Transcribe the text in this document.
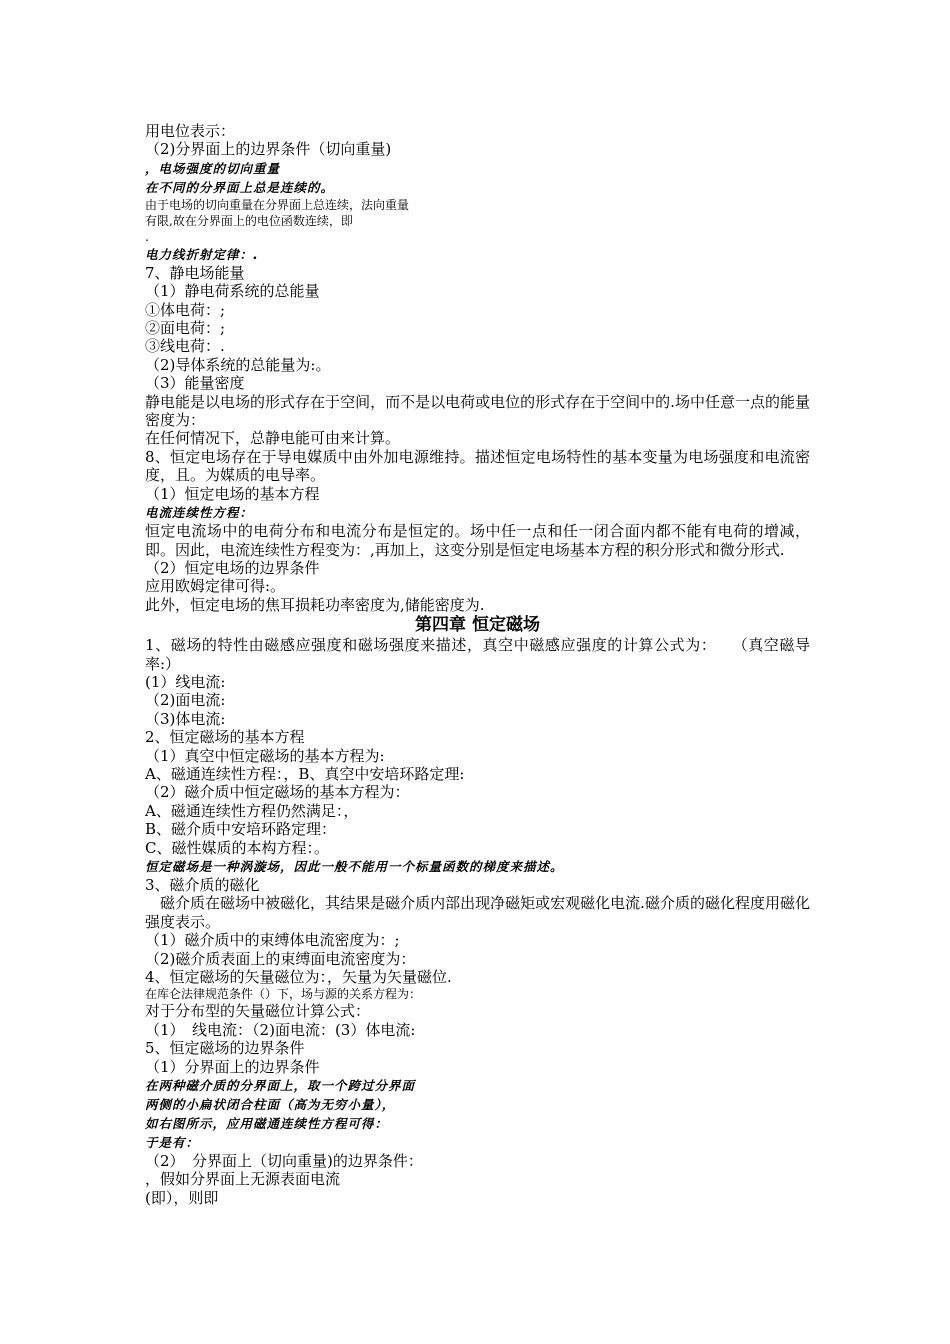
用电位表示：
（2)分界面上的边界条件（切向重量)
，电场强度的切向重量
在不同的分界面上总是连续的。
由于电场的切向重量在分界面上总连续，法向重量
有限,故在分界面上的电位函数连续，即
.
电力线折射定律：.
7、静电场能量
（1）静电荷系统的总能量
①体电荷：;
②面电荷：;
③线电荷：.
（2)导体系统的总能量为:。
（3）能量密度
静电能是以电场的形式存在于空间，而不是以电荷或电位的形式存在于空间中的.场中任意一点的能量密度为：
在任何情况下，总静电能可由来计算。
8、恒定电场存在于导电媒质中由外加电源维持。描述恒定电场特性的基本变量为电场强度和电流密度，且。为媒质的电导率。
（1）恒定电场的基本方程
电流连续性方程：
恒定电流场中的电荷分布和电流分布是恒定的。场中任一点和任一闭合面内都不能有电荷的增减，即。因此，电流连续性方程变为：,再加上，这变分别是恒定电场基本方程的积分形式和微分形式.
（2）恒定电场的边界条件
应用欧姆定律可得:。
此外，恒定电场的焦耳损耗功率密度为,储能密度为.
第四章 恒定磁场
1、磁场的特性由磁感应强度和磁场强度来描述，真空中磁感应强度的计算公式为：　　（真空磁导率:）
(1）线电流:
（2)面电流:
（3)体电流:
2、恒定磁场的基本方程
（1）真空中恒定磁场的基本方程为:
A、磁通连续性方程：，B、真空中安培环路定理:
（2）磁介质中恒定磁场的基本方程为：
A、磁通连续性方程仍然满足：，
B、磁介质中安培环路定理：
C、磁性媒质的本构方程：。
恒定磁场是一种涡漩场，因此一般不能用一个标量函数的梯度来描述。
3、磁介质的磁化
　磁介质在磁场中被磁化，其结果是磁介质内部出现净磁矩或宏观磁化电流.磁介质的磁化程度用磁化强度表示。
（1）磁介质中的束缚体电流密度为：;
（2)磁介质表面上的束缚面电流密度为：
4、恒定磁场的矢量磁位为：，矢量为矢量磁位.
在库仑法律规范条件（）下，场与源的关系方程为：
对于分布型的矢量磁位计算公式：
（1）　线电流：（2)面电流：(3）体电流:
5、恒定磁场的边界条件
（1）分界面上的边界条件
在两种磁介质的分界面上，取一个跨过分界面
两侧的小扁状闭合柱面（高为无穷小量），
如右图所示，应用磁通连续性方程可得：
于是有：
（2）　分界面上（切向重量)的边界条件：
，假如分界面上无源表面电流
(即），则即
